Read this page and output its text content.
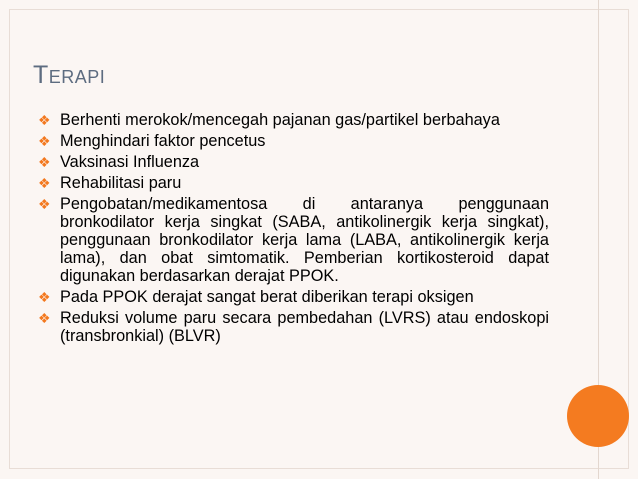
TERAPI
❖ Berhenti merokok/mencegah pajanan gas/partikel berbahaya
❖ Menghindari faktor pencetus
❖ Vaksinasi Influenza
❖ Rehabilitasi paru
❖ Pengobatan/medikamentosa di antaranya penggunaan bronkodilator kerja singkat (SABA, antikolinergik kerja singkat), penggunaan bronkodilator kerja lama (LABA, antikolinergik kerja lama), dan obat simtomatik. Pemberian kortikosteroid dapat digunakan berdasarkan derajat PPOK.
❖ Pada PPOK derajat sangat berat diberikan terapi oksigen
❖ Reduksi volume paru secara pembedahan (LVRS) atau endoskopi (transbronkial) (BLVR)
